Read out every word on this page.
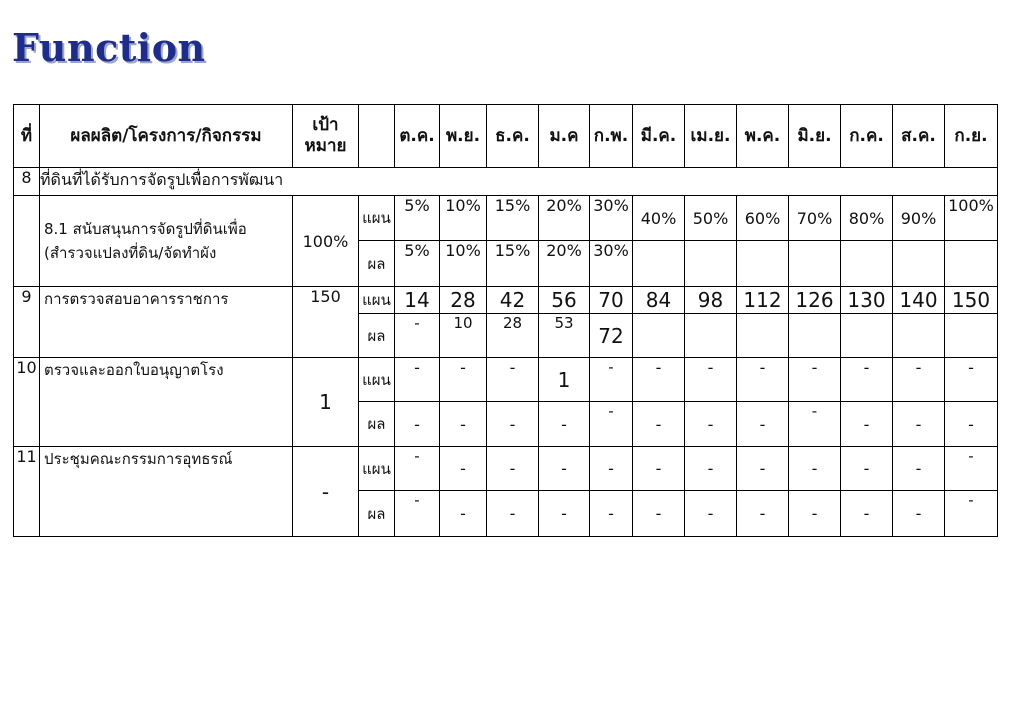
Function
ที่	ผลผลิต/โครงการ/กิจกรรม	เป้าหมาย		ต.ค.	พ.ย.	ธ.ค.	ม.ค	ก.พ.	มี.ค.	เม.ย.	พ.ค.	มิ.ย.	ก.ค.	ส.ค.	ก.ย.
8	ที่ดินที่ได้รับการจัดรูปเพื่อการพัฒนา														
	8.1 สนับสนุนการจัดรูปที่ดินเพื่อ (สำรวจแปลงที่ดิน/จัดทำผัง	100%	แผน	5%	10%	15%	20%	30%	40%	50%	60%	70%	80%	90%	100%
			ผล	5%	10%	15%	20%	30%							
9	การตรวจสอบอาคารราชการ	150	แผน	14	28	42	56	70	84	98	112	126	130	140	150
			ผล	-	10	28	53	72							
10	ตรวจและออกใบอนุญาตโรง	1	แผน	-	-	-	1	-	-	-	-	-	-	-	-
			ผล	-	-	-	-	-	-	-	-	-	-	-	-
11	ประชุมคณะกรรมการอุทธรณ์	-	แผน	-	-	-	-	-	-	-	-	-	-	-	-
			ผล	-	-	-	-	-	-	-	-	-	-	-	-
